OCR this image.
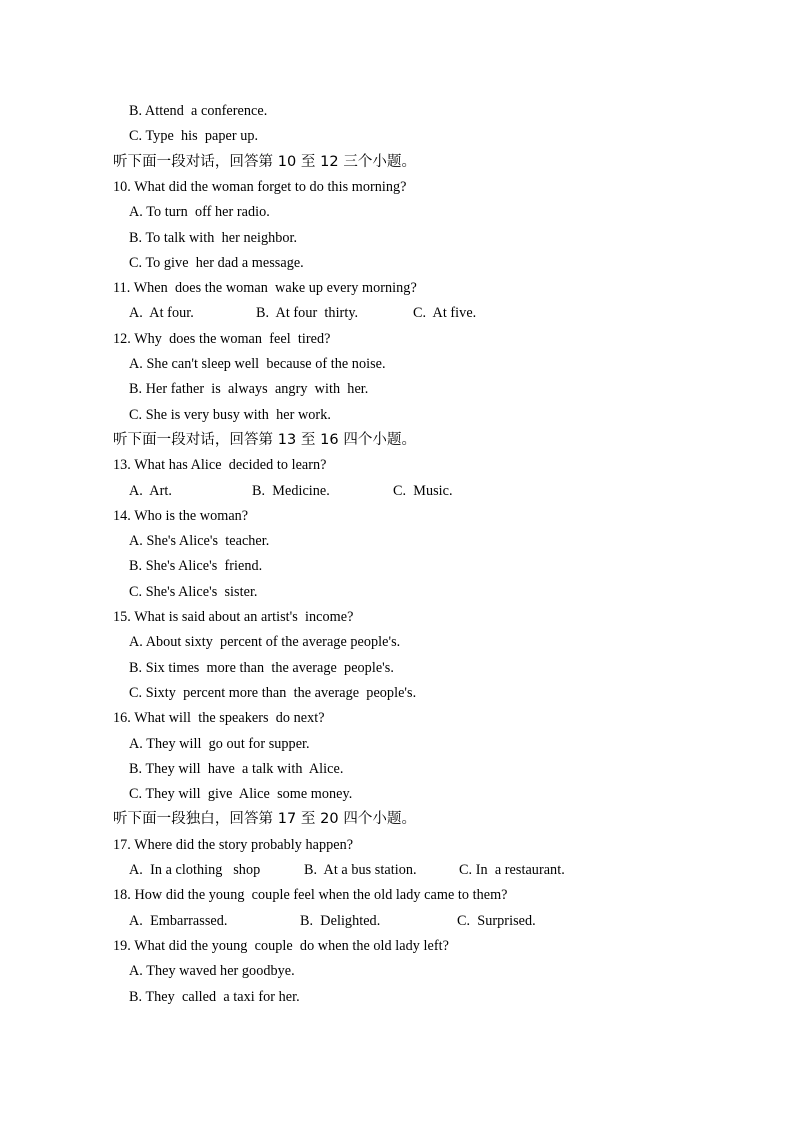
B. Attend  a conference.
C. Type  his  paper up.
听下面一段对话，回答第 10 至 12 三个小题。
10. What did the woman forget to do this morning?
A. To turn  off her radio.
B. To talk with  her neighbor.
C. To give  her dad a message.
11. When  does the woman  wake up every morning?
A.  At four.	B.  At four  thirty.	C.  At five.
12. Why  does the woman  feel  tired?
A. She can't sleep well  because of the noise.
B. Her father  is  always  angry  with  her.
C. She is very busy with  her work.
听下面一段对话，回答第 13 至 16 四个小题。
13. What has Alice  decided to learn?
A.  Art.	B.  Medicine.	C.  Music.
14. Who is the woman?
A. She's Alice's  teacher.
B. She's Alice's  friend.
C. She's Alice's  sister.
15. What is said about an artist's  income?
A. About sixty  percent of the average people's.
B. Six times  more than  the average  people's.
C. Sixty  percent more than  the average  people's.
16. What will  the speakers  do next?
A. They will  go out for supper.
B. They will  have  a talk with  Alice.
C. They will  give  Alice  some money.
听下面一段独白，回答第 17 至 20 四个小题。
17. Where did the story probably happen?
A.  In a clothing   shop	B.  At a bus station.	C. In  a restaurant.
18. How did the young  couple feel when the old lady came to them?
A.  Embarrassed.	B.  Delighted.	C.  Surprised.
19. What did the young  couple  do when the old lady left?
A. They waved her goodbye.
B. They  called  a taxi for her.
